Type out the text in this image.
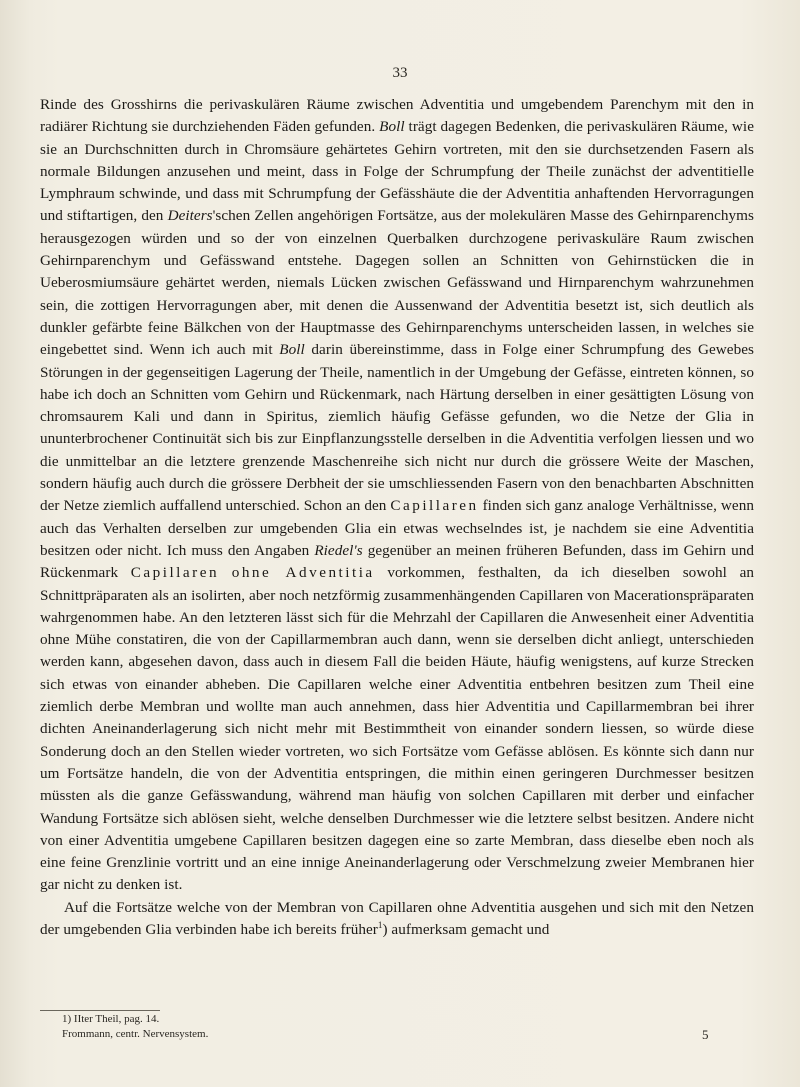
33

Rinde des Grosshirns die perivaskulären Räume zwischen Adventitia und umgebendem Parenchym mit den in radiärer Richtung sie durchziehenden Fäden gefunden. Boll trägt dagegen Bedenken, die perivaskulären Räume, wie sie an Durchschnitten durch in Chromsäure gehärtetes Gehirn vortreten, mit den sie durchsetzenden Fasern als normale Bildungen anzusehen und meint, dass in Folge der Schrumpfung der Theile zunächst der adventitielle Lymphraum schwinde, und dass mit Schrumpfung der Gefässhäute die der Adventitia anhaftenden Hervorragungen und stiftartigen, den Deiters'schen Zellen angehörigen Fortsätze, aus der molekulären Masse des Gehirnparenchyms herausgezogen würden und so der von einzelnen Querbalken durchzogene perivaskuläre Raum zwischen Gehirnparenchym und Gefässwand entstehe. Dagegen sollen an Schnitten von Gehirnstücken die in Ueberosmiumsäure gehärtet werden, niemals Lücken zwischen Gefässwand und Hirnparenchym wahrzunehmen sein, die zottigen Hervorragungen aber, mit denen die Aussenwand der Adventitia besetzt ist, sich deutlich als dunkler gefärbte feine Bälkchen von der Hauptmasse des Gehirnparenchyms unterscheiden lassen, in welches sie eingebettet sind. Wenn ich auch mit Boll darin übereinstimme, dass in Folge einer Schrumpfung des Gewebes Störungen in der gegenseitigen Lagerung der Theile, namentlich in der Umgebung der Gefässe, eintreten können, so habe ich doch an Schnitten vom Gehirn und Rückenmark, nach Härtung derselben in einer gesättigten Lösung von chromsaurem Kali und dann in Spiritus, ziemlich häufig Gefässe gefunden, wo die Netze der Glia in ununterbrochener Continuität sich bis zur Einpflanzungsstelle derselben in die Adventitia verfolgen liessen und wo die unmittelbar an die letztere grenzende Maschenreihe sich nicht nur durch die grössere Weite der Maschen, sondern häufig auch durch die grössere Derbheit der sie umschliessenden Fasern von den benachbarten Abschnitten der Netze ziemlich auffallend unterschied. Schon an den Capillaren finden sich ganz analoge Verhältnisse, wenn auch das Verhalten derselben zur umgebenden Glia ein etwas wechselndes ist, je nachdem sie eine Adventitia besitzen oder nicht. Ich muss den Angaben Riedel's gegenüber an meinen früheren Befunden, dass im Gehirn und Rückenmark Capillaren ohne Adventitia vorkommen, festhalten, da ich dieselben sowohl an Schnittpräparaten als an isolirten, aber noch netzförmig zusammenhängenden Capillaren von Macerationspräparaten wahrgenommen habe. An den letzteren lässt sich für die Mehrzahl der Capillaren die Anwesenheit einer Adventitia ohne Mühe constatiren, die von der Capillarmembran auch dann, wenn sie derselben dicht anliegt, unterschieden werden kann, abgesehen davon, dass auch in diesem Fall die beiden Häute, häufig wenigstens, auf kurze Strecken sich etwas von einander abheben. Die Capillaren welche einer Adventitia entbehren besitzen zum Theil eine ziemlich derbe Membran und wollte man auch annehmen, dass hier Adventitia und Capillarmembran bei ihrer dichten Aneinanderlagerung sich nicht mehr mit Bestimmtheit von einander sondern liessen, so würde diese Sonderung doch an den Stellen wieder vortreten, wo sich Fortsätze vom Gefässe ablösen. Es könnte sich dann nur um Fortsätze handeln, die von der Adventitia entspringen, die mithin einen geringeren Durchmesser besitzen müssten als die ganze Gefässwandung, während man häufig von solchen Capillaren mit derber und einfacher Wandung Fortsätze sich ablösen sieht, welche denselben Durchmesser wie die letztere selbst besitzen. Andere nicht von einer Adventitia umgebene Capillaren besitzen dagegen eine so zarte Membran, dass dieselbe eben noch als eine feine Grenzlinie vortritt und an eine innige Aneinanderlagerung oder Verschmelzung zweier Membranen hier gar nicht zu denken ist.

Auf die Fortsätze welche von der Membran von Capillaren ohne Adventitia ausgehen und sich mit den Netzen der umgebenden Glia verbinden habe ich bereits früher$^1$) aufmerksam gemacht und

1) IIter Theil, pag. 14.
Frommann, centr. Nervensystem.	5
